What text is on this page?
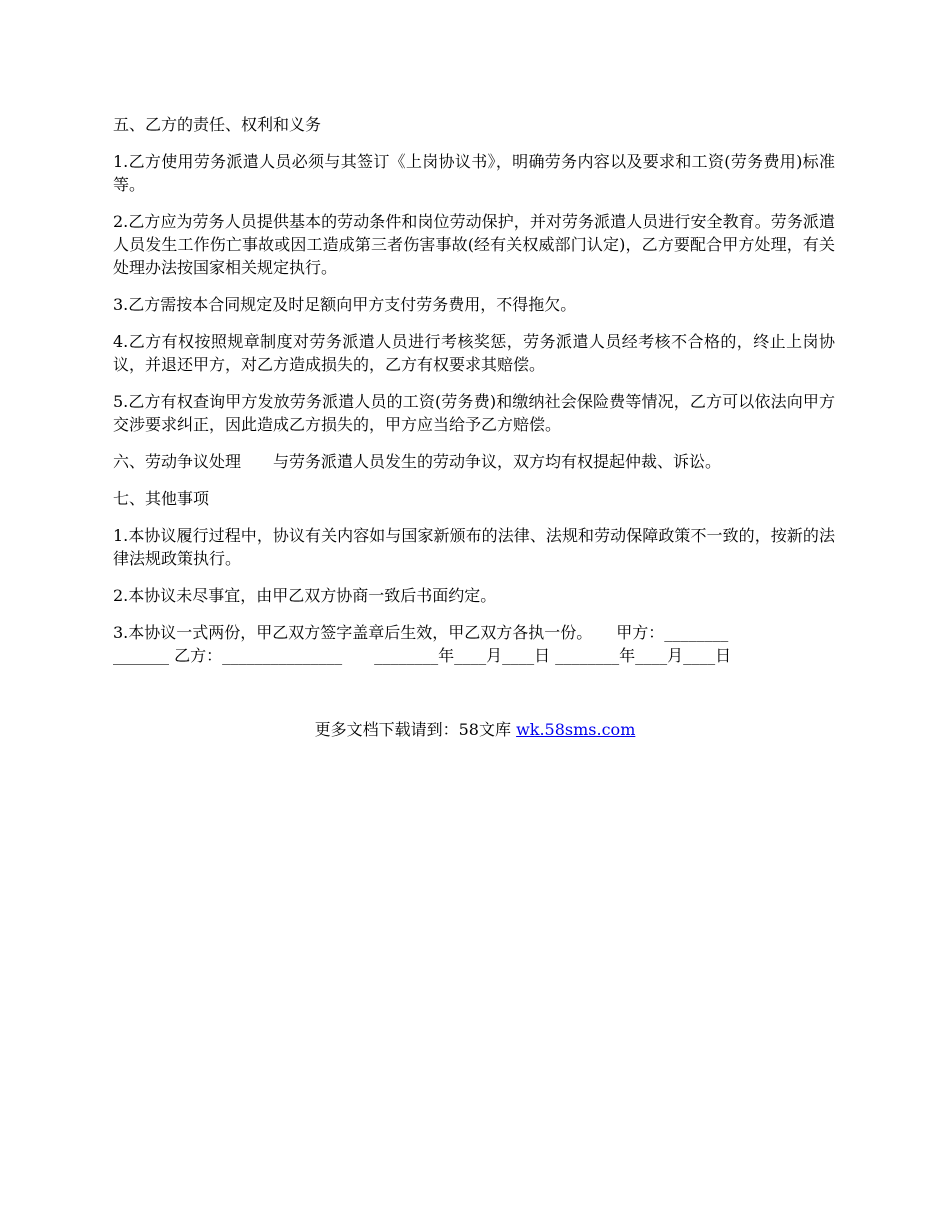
五、乙方的责任、权利和义务

1.乙方使用劳务派遣人员必须与其签订《上岗协议书》，明确劳务内容以及要求和工资(劳务费用)标准等。

2.乙方应为劳务人员提供基本的劳动条件和岗位劳动保护，并对劳务派遣人员进行安全教育。劳务派遣人员发生工作伤亡事故或因工造成第三者伤害事故(经有关权威部门认定)，乙方要配合甲方处理，有关处理办法按国家相关规定执行。

3.乙方需按本合同规定及时足额向甲方支付劳务费用，不得拖欠。

4.乙方有权按照规章制度对劳务派遣人员进行考核奖惩，劳务派遣人员经考核不合格的，终止上岗协议，并退还甲方，对乙方造成损失的，乙方有权要求其赔偿。

5.乙方有权查询甲方发放劳务派遣人员的工资(劳务费)和缴纳社会保险费等情况，乙方可以依法向甲方交涉要求纠正，因此造成乙方损失的，甲方应当给予乙方赔偿。

六、劳动争议处理　　与劳务派遣人员发生的劳动争议，双方均有权提起仲裁、诉讼。

七、其他事项

1.本协议履行过程中，协议有关内容如与国家新颁布的法律、法规和劳动保障政策不一致的，按新的法律法规政策执行。

2.本协议未尽事宜，由甲乙双方协商一致后书面约定。

3.本协议一式两份，甲乙双方签字盖章后生效，甲乙双方各执一份。　　甲方：________
_______ 乙方：_______________　　________年____月____日 ________年____月____日
更多文档下载请到：58文库 wk.58sms.com
